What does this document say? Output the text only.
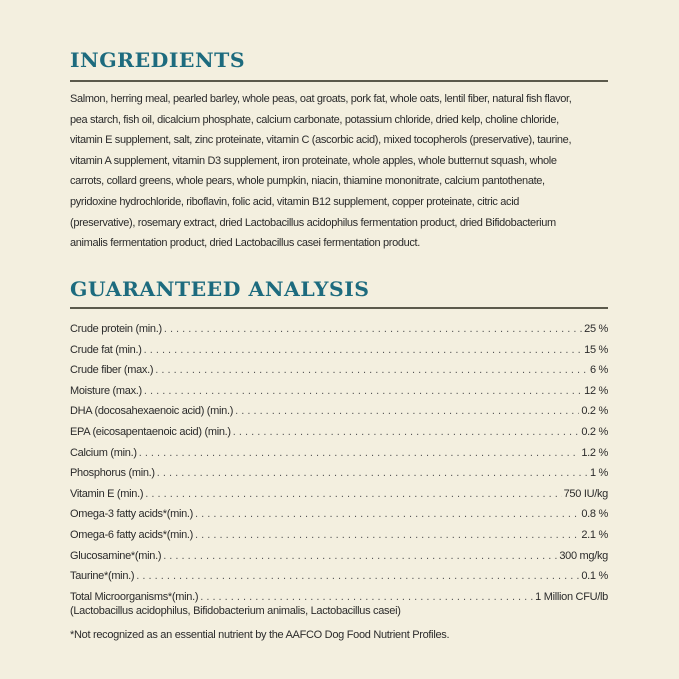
INGREDIENTS
Salmon, herring meal, pearled barley, whole peas, oat groats, pork fat, whole oats, lentil fiber, natural fish flavor,
pea starch, fish oil, dicalcium phosphate, calcium carbonate, potassium chloride, dried kelp, choline chloride,
vitamin E supplement, salt, zinc proteinate, vitamin C (ascorbic acid), mixed tocopherols (preservative), taurine,
vitamin A supplement, vitamin D3 supplement, iron proteinate, whole apples, whole butternut squash, whole
carrots, collard greens, whole pears, whole pumpkin, niacin, thiamine mononitrate, calcium pantothenate,
pyridoxine hydrochloride, riboflavin, folic acid, vitamin B12 supplement, copper proteinate, citric acid
(preservative), rosemary extract, dried Lactobacillus acidophilus fermentation product, dried Bifidobacterium
animalis fermentation product, dried Lactobacillus casei fermentation product.
GUARANTEED ANALYSIS
Crude protein (min.) . . .	25 %
Crude fat (min.) . . .	15 %
Crude fiber (max.) . . .	6 %
Moisture (max.) . . .	12 %
DHA (docosahexaenoic acid) (min.) . . .	0.2 %
EPA (eicosapentaenoic acid) (min.) . . .	0.2 %
Calcium (min.) . . .	1.2 %
Phosphorus (min.) . . .	1 %
Vitamin E (min.) . . .	750 IU/kg
Omega-3 fatty acids*(min.) . . .	0.8 %
Omega-6 fatty acids*(min.) . . .	2.1 %
Glucosamine*(min.) . . .	300 mg/kg
Taurine*(min.) . . .	0.1 %
Total Microorganisms*(min.) . . .	1 Million CFU/lb
(Lactobacillus acidophilus, Bifidobacterium animalis, Lactobacillus casei)
*Not recognized as an essential nutrient by the AAFCO Dog Food Nutrient Profiles.
